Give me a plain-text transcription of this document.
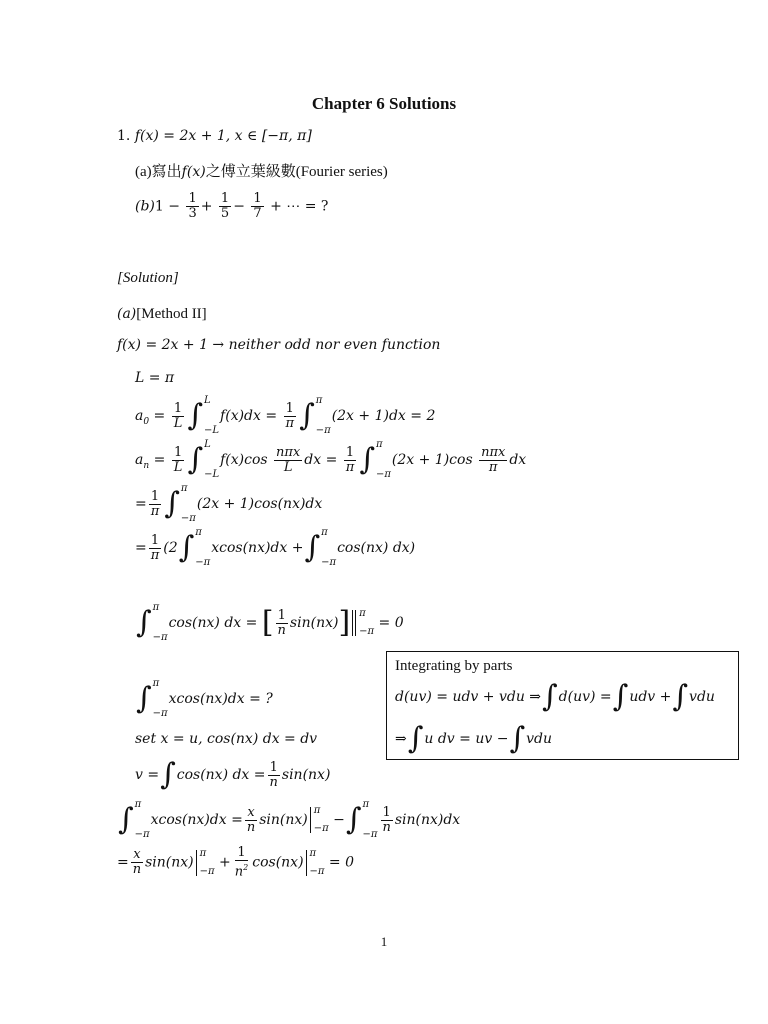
Chapter 6 Solutions
1. f(x) = 2x + 1, x ∈ [−π, π]
(a)寫出f(x)之傅立葉級數(Fourier series)
$(b)1 - \frac{1}{3} + \frac{1}{5} - \frac{1}{7}$ + ⋯ = ?
[Solution]
(a)[Method II]
f(x) = 2x + 1 → neither odd nor even function
L = π
$a_0 = \frac{1}{L}$ ∫ L
−L
$f(x)dx = \frac{1}{\pi}$ ∫ π
−π
(2x + 1)dx = 2
$a_n = \frac{1}{L}$ ∫ L
−L
$f(x)\cos \frac{\text{nπx}}{L}$ dx = $\frac{1}{\pi}$ ∫ π
−π
$(2x + 1)\cos \frac{\text{nπx}}{\pi}$ dx
= $\frac{1}{\pi}$ ∫ π
−π
(2x + 1)cos(nx)dx
= $\frac{1}{\pi} (2$ ∫ π
−π
xcos(nx)dx + ∫ π
−π
cos(nx) dx)
∫ π
−π
cos(nx) dx = [ $\frac{1}{n} \sin(nx)$] π
−π
= 0
Integrating by parts
d(uv) = udv + vdu ⇒ ∫ d(uv) = ∫ udv + ∫ vdu
⇒ ∫ u dv = uv − ∫ vdu
∫ π
−π
xcos(nx)dx = ?
set x = u, cos(nx) dx = dv
v = ∫ cos(nx) dx = $\frac{1}{n} \sin(nx)$
∫ π
−π
$xcos(nx)dx = \frac{x}{n} \sin(nx)$
π
−π
− ∫ π
$-\pi \frac{1}{n} \sin(nx)dx$
= $\frac{x}{n} \sin(nx)$
π
−π
+ $\frac{1}{n^2} \cos(nx)$
π
−π
= 0
1
